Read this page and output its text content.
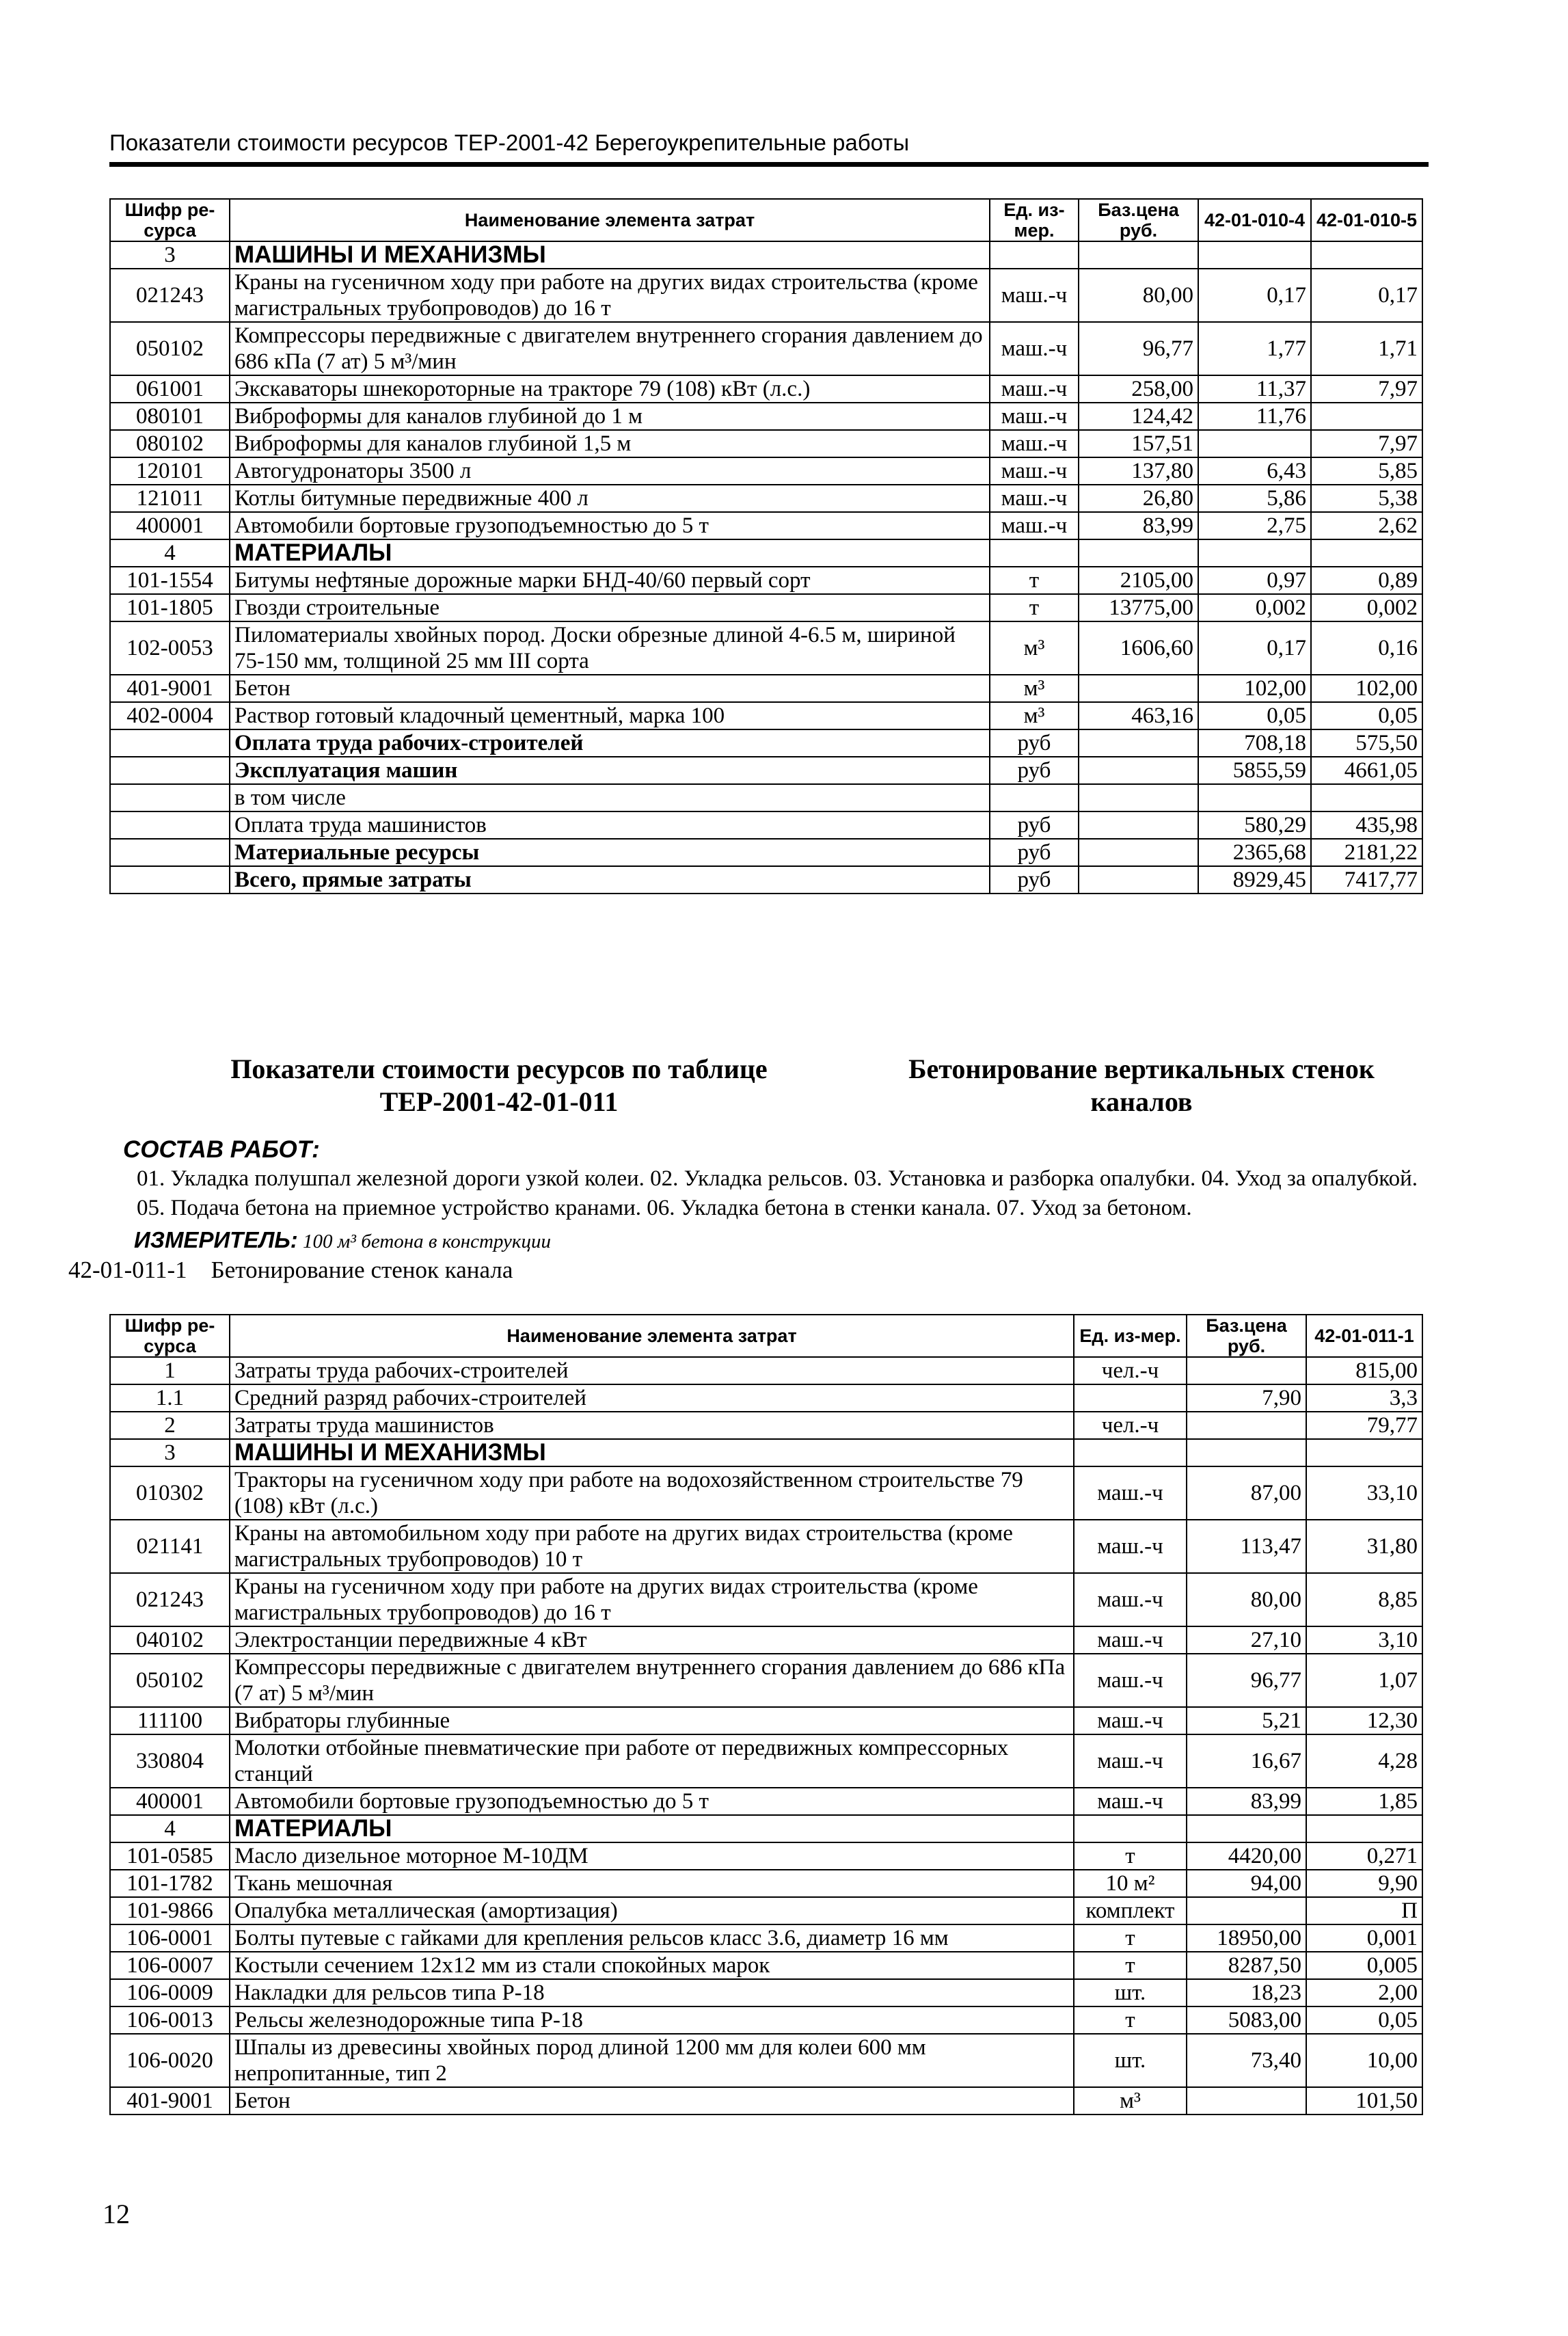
Показатели стоимости ресурсов ТЕР-2001-42 Берегоукрепительные работы
Шифр ре-сурса	Наименование элемента затрат	Ед. из-мер.	Баз.цена руб.	42-01-010-4	42-01-010-5
3	МАШИНЫ И МЕХАНИЗМЫ				
021243	Краны на гусеничном ходу при работе на других видах строительства (кроме магистральных трубопроводов) до 16 т	маш.-ч	80,00	0,17	0,17
050102	Компрессоры передвижные с двигателем внутреннего сгорания давлением до 686 кПа (7 ат) 5 м³/мин	маш.-ч	96,77	1,77	1,71
061001	Экскаваторы шнекороторные на тракторе 79 (108) кВт (л.с.)	маш.-ч	258,00	11,37	7,97
080101	Виброформы для каналов глубиной до 1 м	маш.-ч	124,42	11,76	
080102	Виброформы для каналов глубиной 1,5 м	маш.-ч	157,51		7,97
120101	Автогудронаторы 3500 л	маш.-ч	137,80	6,43	5,85
121011	Котлы битумные передвижные 400 л	маш.-ч	26,80	5,86	5,38
400001	Автомобили бортовые грузоподъемностью до 5 т	маш.-ч	83,99	2,75	2,62
4	МАТЕРИАЛЫ				
101-1554	Битумы нефтяные дорожные марки БНД-40/60 первый сорт	т	2105,00	0,97	0,89
101-1805	Гвозди строительные	т	13775,00	0,002	0,002
102-0053	Пиломатериалы хвойных пород. Доски обрезные длиной 4-6.5 м, шириной 75-150 мм, толщиной 25 мм III сорта	м³	1606,60	0,17	0,16
401-9001	Бетон	м³		102,00	102,00
402-0004	Раствор готовый кладочный цементный, марка 100	м³	463,16	0,05	0,05
	Оплата труда рабочих-строителей	руб		708,18	575,50
	Эксплуатация машин	руб		5855,59	4661,05
	в том числе				
	Оплата труда машинистов	руб		580,29	435,98
	Материальные ресурсы	руб		2365,68	2181,22
	Всего, прямые затраты	руб		8929,45	7417,77
Показатели стоимости ресурсов по таблице ТЕР-2001-42-01-011
Бетонирование вертикальных стенок каналов
СОСТАВ РАБОТ:
01. Укладка полушпал железной дороги узкой колеи. 02. Укладка рельсов. 03. Установка и разборка опалубки. 04. Уход за опалубкой. 05. Подача бетона на приемное устройство кранами. 06. Укладка бетона в стенки канала. 07. Уход за бетоном.
ИЗМЕРИТЕЛЬ: 100 м³ бетона в конструкции
42-01-011-1    Бетонирование стенок канала
Шифр ре-сурса	Наименование элемента затрат	Ед. из-мер.	Баз.цена руб.	42-01-011-1
1	Затраты труда рабочих-строителей	чел.-ч		815,00
1.1	Средний разряд рабочих-строителей		7,90	3,3
2	Затраты труда машинистов	чел.-ч		79,77
3	МАШИНЫ И МЕХАНИЗМЫ			
010302	Тракторы на гусеничном ходу при работе на водохозяйственном строительстве 79 (108) кВт (л.с.)	маш.-ч	87,00	33,10
021141	Краны на автомобильном ходу при работе на других видах строительства (кроме магистральных трубопроводов) 10 т	маш.-ч	113,47	31,80
021243	Краны на гусеничном ходу при работе на других видах строительства (кроме магистральных трубопроводов) до 16 т	маш.-ч	80,00	8,85
040102	Электростанции передвижные 4 кВт	маш.-ч	27,10	3,10
050102	Компрессоры передвижные с двигателем внутреннего сгорания давлением до 686 кПа (7 ат) 5 м³/мин	маш.-ч	96,77	1,07
111100	Вибраторы глубинные	маш.-ч	5,21	12,30
330804	Молотки отбойные пневматические при работе от передвижных компрессорных станций	маш.-ч	16,67	4,28
400001	Автомобили бортовые грузоподъемностью до 5 т	маш.-ч	83,99	1,85
4	МАТЕРИАЛЫ			
101-0585	Масло дизельное моторное М-10ДМ	т	4420,00	0,271
101-1782	Ткань мешочная	10 м²	94,00	9,90
101-9866	Опалубка металлическая (амортизация)	комплект		П
106-0001	Болты путевые с гайками для крепления рельсов класс 3.6, диаметр 16 мм	т	18950,00	0,001
106-0007	Костыли сечением 12х12 мм из стали спокойных марок	т	8287,50	0,005
106-0009	Накладки для рельсов типа Р-18	шт.	18,23	2,00
106-0013	Рельсы железнодорожные типа Р-18	т	5083,00	0,05
106-0020	Шпалы из древесины хвойных пород длиной 1200 мм для колеи 600 мм непропитанные, тип 2	шт.	73,40	10,00
401-9001	Бетон	м³		101,50
12
